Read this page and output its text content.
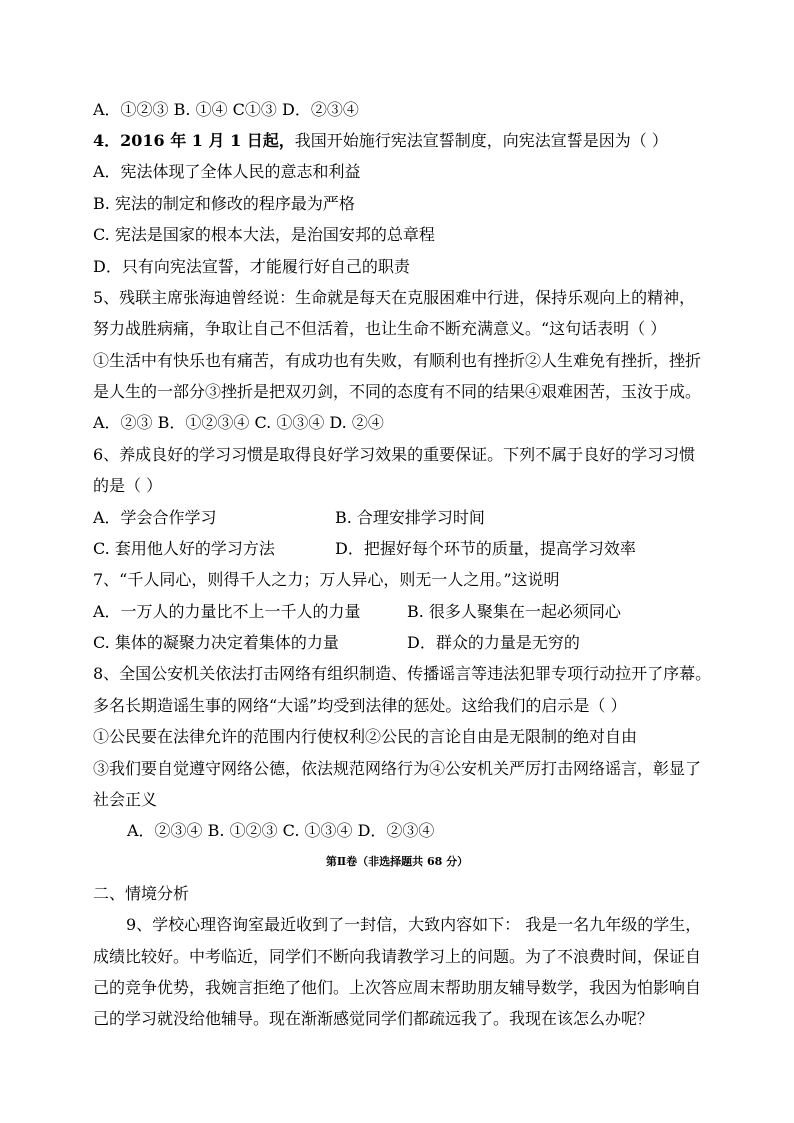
A．①②③ B. ①④ C①③ D．②③④
4．2016 年 1 月 1 日起，我国开始施行宪法宣誓制度，向宪法宣誓是因为（ ）
A．宪法体现了全体人民的意志和利益
B. 宪法的制定和修改的程序最为严格
C. 宪法是国家的根本大法，是治国安邦的总章程
D．只有向宪法宣誓，才能履行好自己的职责
5、残联主席张海迪曾经说：生命就是每天在克服困难中行进，保持乐观向上的精神，
努力战胜病痛，争取让自己不但活着，也让生命不断充满意义。“这句话表明（ ）
①生活中有快乐也有痛苦，有成功也有失败，有顺利也有挫折②人生难免有挫折，挫折
是人生的一部分③挫折是把双刃剑，不同的态度有不同的结果④艰难困苦，玉汝于成。
A．②③ B．①②③④ C. ①③④ D. ②④
6、养成良好的学习习惯是取得良好学习效果的重要保证。下列不属于良好的学习习惯
的是（ ）
A．学会合作学习	B. 合理安排学习时间
C. 套用他人好的学习方法	D．把握好每个环节的质量，提高学习效率
7、“千人同心，则得千人之力；万人异心，则无一人之用。”这说明
A．一万人的力量比不上一千人的力量	B. 很多人聚集在一起必须同心
C. 集体的凝聚力决定着集体的力量	D．群众的力量是无穷的
8、全国公安机关依法打击网络有组织制造、传播谣言等违法犯罪专项行动拉开了序幕。
多名长期造谣生事的网络“大谣”均受到法律的惩处。这给我们的启示是（ ）
①公民要在法律允许的范围内行使权利②公民的言论自由是无限制的绝对自由
③我们要自觉遵守网络公德，依法规范网络行为④公安机关严厉打击网络谣言，彰显了
社会正义
A．②③④ B. ①②③ C. ①③④ D．②③④
第Ⅱ卷（非选择题共 68 分）
二、情境分析
9、学校心理咨询室最近收到了一封信，大致内容如下： 我是一名九年级的学生，
成绩比较好。中考临近，同学们不断向我请教学习上的问题。为了不浪费时间，保证自
己的竞争优势，我婉言拒绝了他们。上次答应周末帮助朋友辅导数学，我因为怕影响自
己的学习就没给他辅导。现在渐渐感觉同学们都疏远我了。我现在该怎么办呢？
